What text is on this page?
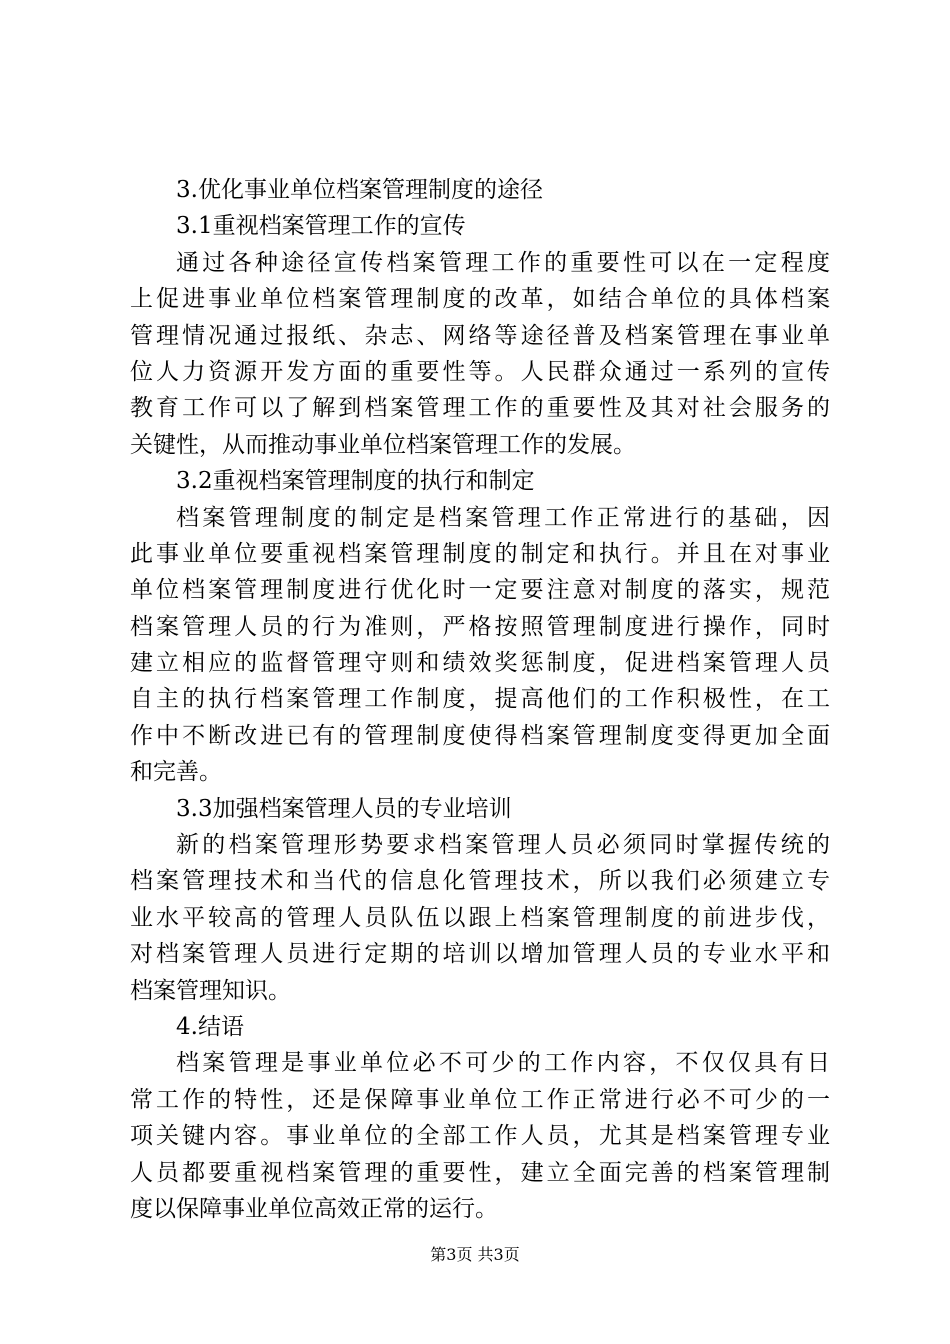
3.优化事业单位档案管理制度的途径
3.1重视档案管理工作的宣传
通过各种途径宣传档案管理工作的重要性可以在一定程度
上促进事业单位档案管理制度的改革，如结合单位的具体档案
管理情况通过报纸、杂志、网络等途径普及档案管理在事业单
位人力资源开发方面的重要性等。人民群众通过一系列的宣传
教育工作可以了解到档案管理工作的重要性及其对社会服务的
关键性，从而推动事业单位档案管理工作的发展。
3.2重视档案管理制度的执行和制定
档案管理制度的制定是档案管理工作正常进行的基础，因
此事业单位要重视档案管理制度的制定和执行。并且在对事业
单位档案管理制度进行优化时一定要注意对制度的落实，规范
档案管理人员的行为准则，严格按照管理制度进行操作，同时
建立相应的监督管理守则和绩效奖惩制度，促进档案管理人员
自主的执行档案管理工作制度，提高他们的工作积极性，在工
作中不断改进已有的管理制度使得档案管理制度变得更加全面
和完善。
3.3加强档案管理人员的专业培训
新的档案管理形势要求档案管理人员必须同时掌握传统的
档案管理技术和当代的信息化管理技术，所以我们必须建立专
业水平较高的管理人员队伍以跟上档案管理制度的前进步伐，
对档案管理人员进行定期的培训以增加管理人员的专业水平和
档案管理知识。
4.结语
档案管理是事业单位必不可少的工作内容，不仅仅具有日
常工作的特性，还是保障事业单位工作正常进行必不可少的一
项关键内容。事业单位的全部工作人员，尤其是档案管理专业
人员都要重视档案管理的重要性，建立全面完善的档案管理制
度以保障事业单位高效正常的运行。
第3页 共3页
